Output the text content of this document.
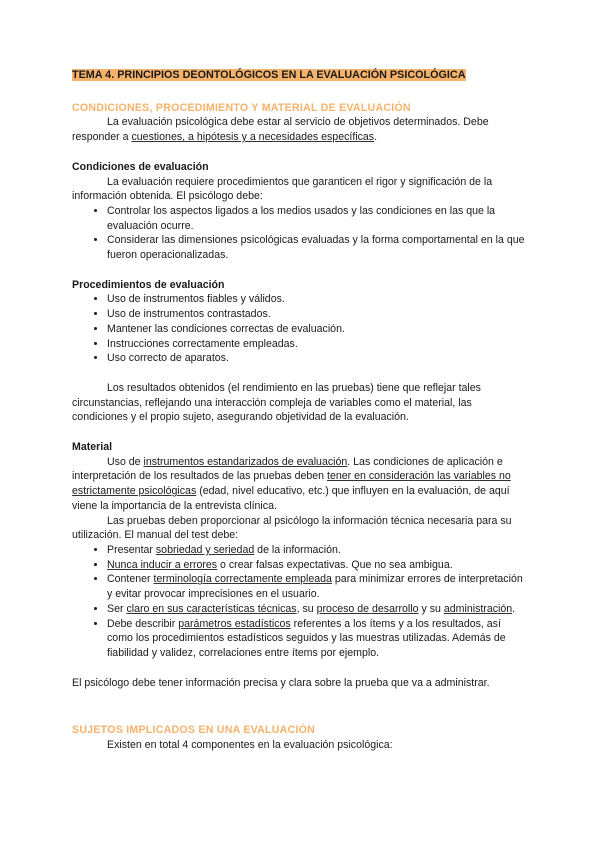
TEMA 4. PRINCIPIOS DEONTOLÓGICOS EN LA EVALUACIÓN PSICOLÓGICA

CONDICIONES, PROCEDIMIENTO Y MATERIAL DE EVALUACIÓN

La evaluación psicológica debe estar al servicio de objetivos determinados. Debe responder a cuestiones, a hipótesis y a necesidades específicas.

Condiciones de evaluación

La evaluación requiere procedimientos que garanticen el rigor y significación de la información obtenida. El psicólogo debe:

• Controlar los aspectos ligados a los medios usados y las condiciones en las que la evaluación ocurre.
• Considerar las dimensiones psicológicas evaluadas y la forma comportamental en la que fueron operacionalizadas.

Procedimientos de evaluación

• Uso de instrumentos fiables y válidos.
• Uso de instrumentos contrastados.
• Mantener las condiciones correctas de evaluación.
• Instrucciones correctamente empleadas.
• Uso correcto de aparatos.

Los resultados obtenidos (el rendimiento en las pruebas) tiene que reflejar tales circunstancias, reflejando una interacción compleja de variables como el material, las condiciones y el propio sujeto, asegurando objetividad de la evaluación.

Material

Uso de instrumentos estandarizados de evaluación. Las condiciones de aplicación e interpretación de los resultados de las pruebas deben tener en consideración las variables no estrictamente psicológicas (edad, nivel educativo, etc.) que influyen en la evaluación, de aquí viene la importancia de la entrevista clínica.

Las pruebas deben proporcionar al psicólogo la información técnica necesaria para su utilización. El manual del test debe:

• Presentar sobriedad y seriedad de la información.
• Nunca inducir a errores o crear falsas expectativas. Que no sea ambigua.
• Contener terminología correctamente empleada para minimizar errores de interpretación y evitar provocar imprecisiones en el usuario.
• Ser claro en sus características técnicas, su proceso de desarrollo y su administración.
• Debe describir parámetros estadísticos referentes a los ítems y a los resultados, así como los procedimientos estadísticos seguidos y las muestras utilizadas. Además de fiabilidad y validez, correlaciones entre ítems por ejemplo.

El psicólogo debe tener información precisa y clara sobre la prueba que va a administrar.

SUJETOS IMPLICADOS EN UNA EVALUACIÓN

Existen en total 4 componentes en la evaluación psicológica:
